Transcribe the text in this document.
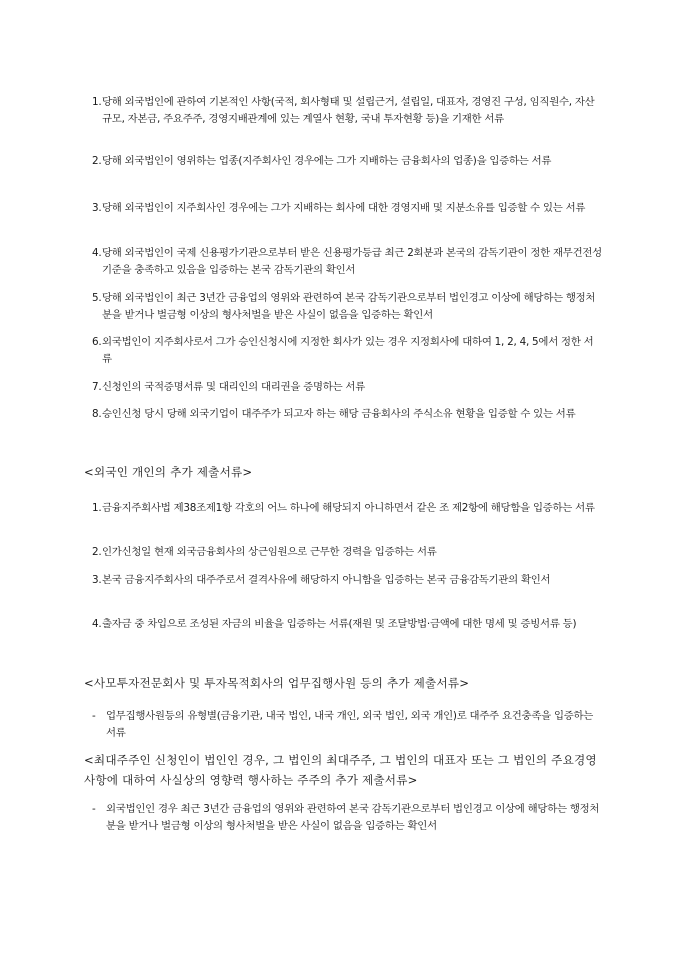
1. 당해 외국법인에 관하여 기본적인 사항(국적, 회사형태 및 설립근거, 설립일, 대표자, 경영진 구성, 임직원수, 자산규모, 자본금, 주요주주, 경영지배관계에 있는 계열사 현황, 국내 투자현황 등)을 기재한 서류
2. 당해 외국법인이 영위하는 업종(지주회사인 경우에는 그가 지배하는 금융회사의 업종)을 입증하는 서류
3. 당해 외국법인이 지주회사인 경우에는 그가 지배하는 회사에 대한 경영지배 및 지분소유를 입증할 수 있는 서류
4. 당해 외국법인이 국제 신용평가기관으로부터 받은 신용평가등급 최근 2회분과 본국의 감독기관이 정한 재무건전성 기준을 충족하고 있음을 입증하는 본국 감독기관의 확인서
5. 당해 외국법인이 최근 3년간 금융업의 영위와 관련하여 본국 감독기관으로부터 법인경고 이상에 해당하는 행정처분을 받거나 벌금형 이상의 형사처벌을 받은 사실이 없음을 입증하는 확인서
6. 외국법인이 지주회사로서 그가 승인신청시에 지정한 회사가 있는 경우 지정회사에 대하여 1, 2, 4, 5에서 정한 서류
7. 신청인의 국적증명서류 및 대리인의 대리권을 증명하는 서류
8. 승인신청 당시 당해 외국기업이 대주주가 되고자 하는 해당 금융회사의 주식소유 현황을 입증할 수 있는 서류
<외국인 개인의 추가 제출서류>
1. 금융지주회사법 제38조제1항 각호의 어느 하나에 해당되지 아니하면서 같은 조 제2항에 해당함을 입증하는 서류
2. 인가신청일 현재 외국금융회사의 상근임원으로 근무한 경력을 입증하는 서류
3. 본국 금융지주회사의 대주주로서 결격사유에 해당하지 아니함을 입증하는 본국 금융감독기관의 확인서
4. 출자금 중 차입으로 조성된 자금의 비율을 입증하는 서류(재원 및 조달방법·금액에 대한 명세 및 증빙서류 등)
<사모투자전문회사 및 투자목적회사의 업무집행사원 등의 추가 제출서류>
-	업무집행사원등의 유형별(금융기관, 내국 법인, 내국 개인, 외국 법인, 외국 개인)로 대주주 요건충족을 입증하는 서류
<최대주주인 신청인이 법인인 경우, 그 법인의 최대주주, 그 법인의 대표자 또는 그 법인의 주요경영사항에 대하여 사실상의 영향력 행사하는 주주의 추가 제출서류>
-	외국법인인 경우 최근 3년간 금융업의 영위와 관련하여 본국 감독기관으로부터 법인경고 이상에 해당하는 행정처분을 받거나 벌금형 이상의 형사처벌을 받은 사실이 없음을 입증하는 확인서
